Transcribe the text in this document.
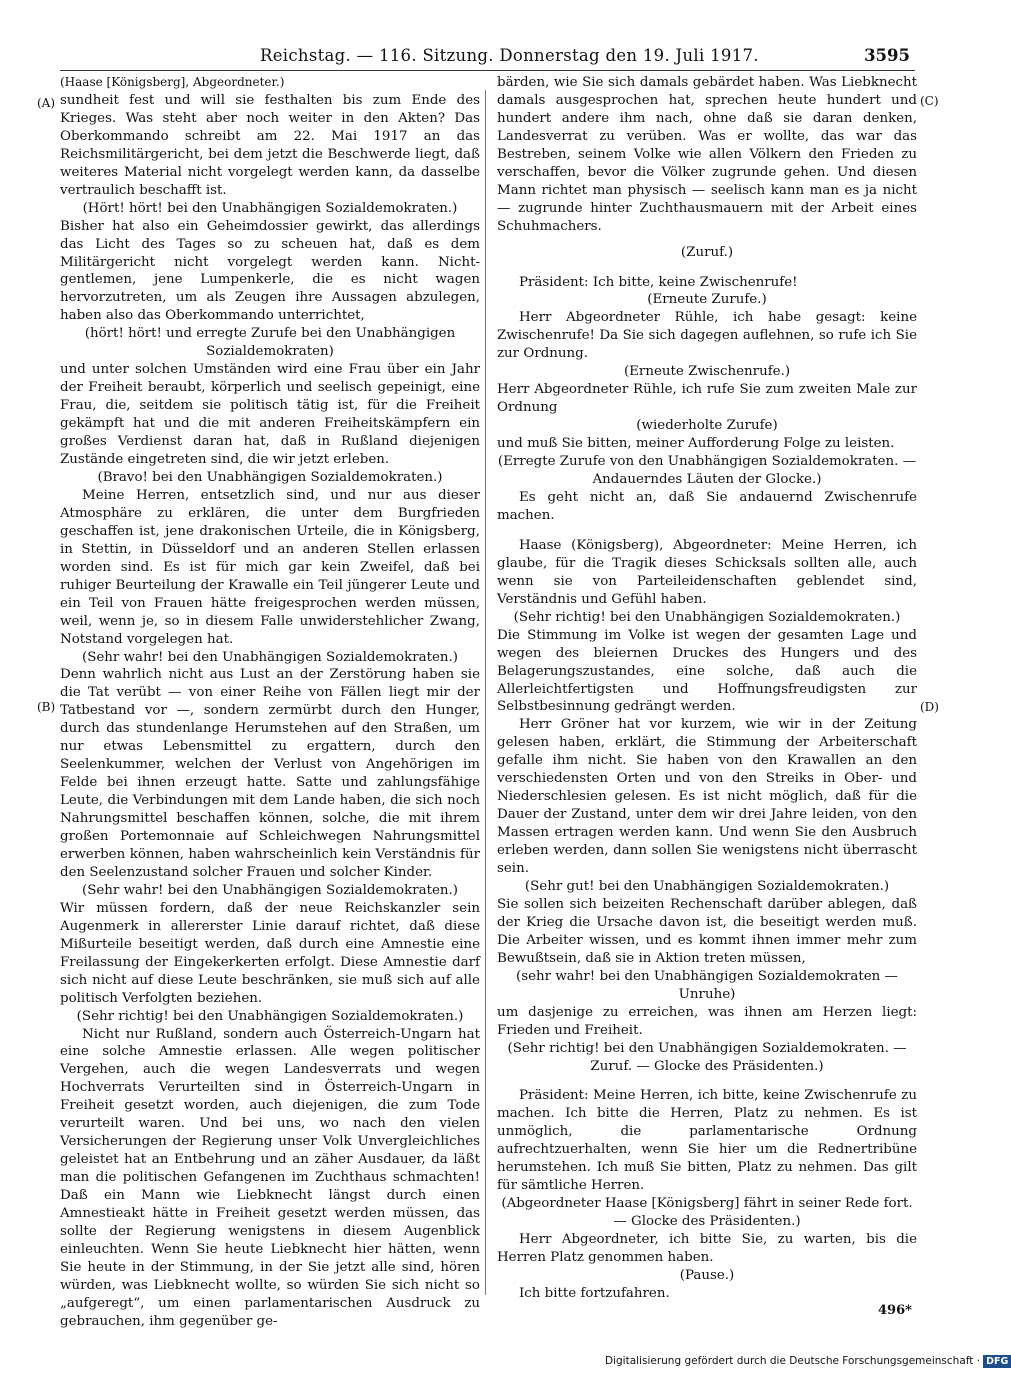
Reichstag. — 116. Sitzung. Donnerstag den 19. Juli 1917.	3595
(A)	(C)
(B)	(D)

(Haase [Königsberg], Abgeordneter.)

sundheit fest und will sie festhalten bis zum Ende des Krieges. Was steht aber noch weiter in den Akten? Das Oberkommando schreibt am 22. Mai 1917 an das Reichsmilitärgericht, bei dem jetzt die Beschwerde liegt, daß weiteres Material nicht vorgelegt werden kann, da dasselbe vertraulich beschafft ist.

(Hört! hört! bei den Unabhängigen Sozialdemokraten.)

Bisher hat also ein Geheimdossier gewirkt, das allerdings das Licht des Tages so zu scheuen hat, daß es dem Militärgericht nicht vorgelegt werden kann. Nicht-gentlemen, jene Lumpenkerle, die es nicht wagen hervorzutreten, um als Zeugen ihre Aussagen abzulegen, haben also das Oberkommando unterrichtet,

(hört! hört! und erregte Zurufe bei den Unabhängigen Sozialdemokraten)

und unter solchen Umständen wird eine Frau über ein Jahr der Freiheit beraubt, körperlich und seelisch gepeinigt, eine Frau, die, seitdem sie politisch tätig ist, für die Freiheit gekämpft hat und die mit anderen Freiheitskämpfern ein großes Verdienst daran hat, daß in Rußland diejenigen Zustände eingetreten sind, die wir jetzt erleben.

(Bravo! bei den Unabhängigen Sozialdemokraten.)

Meine Herren, entsetzlich sind, und nur aus dieser Atmosphäre zu erklären, die unter dem Burgfrieden geschaffen ist, jene drakonischen Urteile, die in Königsberg, in Stettin, in Düsseldorf und an anderen Stellen erlassen worden sind. Es ist für mich gar kein Zweifel, daß bei ruhiger Beurteilung der Krawalle ein Teil jüngerer Leute und ein Teil von Frauen hätte freigesprochen werden müssen, weil, wenn je, so in diesem Falle unwiderstehlicher Zwang, Notstand vorgelegen hat.

(Sehr wahr! bei den Unabhängigen Sozialdemokraten.)

Denn wahrlich nicht aus Lust an der Zerstörung haben sie die Tat verübt — von einer Reihe von Fällen liegt mir der Tatbestand vor —, sondern zermürbt durch den Hunger, durch das stundenlange Herumstehen auf den Straßen, um nur etwas Lebensmittel zu ergattern, durch den Seelenkummer, welchen der Verlust von Angehörigen im Felde bei ihnen erzeugt hatte. Satte und zahlungsfähige Leute, die Verbindungen mit dem Lande haben, die sich noch Nahrungsmittel beschaffen können, solche, die mit ihrem großen Portemonnaie auf Schleichwegen Nahrungsmittel erwerben können, haben wahrscheinlich kein Verständnis für den Seelenzustand solcher Frauen und solcher Kinder.

(Sehr wahr! bei den Unabhängigen Sozialdemokraten.)

Wir müssen fordern, daß der neue Reichskanzler sein Augenmerk in allererster Linie darauf richtet, daß diese Mißurteile beseitigt werden, daß durch eine Amnestie eine Freilassung der Eingekerkerten erfolgt. Diese Amnestie darf sich nicht auf diese Leute beschränken, sie muß sich auf alle politisch Verfolgten beziehen.

(Sehr richtig! bei den Unabhängigen Sozialdemokraten.)

Nicht nur Rußland, sondern auch Österreich-Ungarn hat eine solche Amnestie erlassen. Alle wegen politischer Vergehen, auch die wegen Landesverrats und wegen Hochverrats Verurteilten sind in Österreich-Ungarn in Freiheit gesetzt worden, auch diejenigen, die zum Tode verurteilt waren. Und bei uns, wo nach den vielen Versicherungen der Regierung unser Volk Unvergleichliches geleistet hat an Entbehrung und an zäher Ausdauer, da läßt man die politischen Gefangenen im Zuchthaus schmachten! Daß ein Mann wie Liebknecht längst durch einen Amnestieakt hätte in Freiheit gesetzt werden müssen, das sollte der Regierung wenigstens in diesem Augenblick einleuchten. Wenn Sie heute Liebknecht hier hätten, wenn Sie heute in der Stimmung, in der Sie jetzt alle sind, hören würden, was Liebknecht wollte, so würden Sie sich nicht so „aufgeregt“, um einen parlamentarischen Ausdruck zu gebrauchen, ihm gegenüber ge-

bärden, wie Sie sich damals gebärdet haben. Was Liebknecht damals ausgesprochen hat, sprechen heute hundert und hundert andere ihm nach, ohne daß sie daran denken, Landesverrat zu verüben. Was er wollte, das war das Bestreben, seinem Volke wie allen Völkern den Frieden zu verschaffen, bevor die Völker zugrunde gehen. Und diesen Mann richtet man physisch — seelisch kann man es ja nicht — zugrunde hinter Zuchthausmauern mit der Arbeit eines Schuhmachers.

(Zuruf.)

Präsident: Ich bitte, keine Zwischenrufe!

(Erneute Zurufe.)

Herr Abgeordneter Rühle, ich habe gesagt: keine Zwischenrufe! Da Sie sich dagegen auflehnen, so rufe ich Sie zur Ordnung.

(Erneute Zwischenrufe.)

Herr Abgeordneter Rühle, ich rufe Sie zum zweiten Male zur Ordnung

(wiederholte Zurufe)

und muß Sie bitten, meiner Aufforderung Folge zu leisten.

(Erregte Zurufe von den Unabhängigen Sozialdemokraten. — Andauerndes Läuten der Glocke.)

Es geht nicht an, daß Sie andauernd Zwischenrufe machen.

Haase (Königsberg), Abgeordneter: Meine Herren, ich glaube, für die Tragik dieses Schicksals sollten alle, auch wenn sie von Parteileidenschaften geblendet sind, Verständnis und Gefühl haben.

(Sehr richtig! bei den Unabhängigen Sozialdemokraten.)

Die Stimmung im Volke ist wegen der gesamten Lage und wegen des bleiernen Druckes des Hungers und des Belagerungszustandes, eine solche, daß auch die Allerleichtfertigsten und Hoffnungsfreudigsten zur Selbstbesinnung gedrängt werden.

Herr Gröner hat vor kurzem, wie wir in der Zeitung gelesen haben, erklärt, die Stimmung der Arbeiterschaft gefalle ihm nicht. Sie haben von den Krawallen an den verschiedensten Orten und von den Streiks in Ober- und Niederschlesien gelesen. Es ist nicht möglich, daß für die Dauer der Zustand, unter dem wir drei Jahre leiden, von den Massen ertragen werden kann. Und wenn Sie den Ausbruch erleben werden, dann sollen Sie wenigstens nicht überrascht sein.

(Sehr gut! bei den Unabhängigen Sozialdemokraten.)

Sie sollen sich beizeiten Rechenschaft darüber ablegen, daß der Krieg die Ursache davon ist, die beseitigt werden muß. Die Arbeiter wissen, und es kommt ihnen immer mehr zum Bewußtsein, daß sie in Aktion treten müssen,

(sehr wahr! bei den Unabhängigen Sozialdemokraten — Unruhe)

um dasjenige zu erreichen, was ihnen am Herzen liegt: Frieden und Freiheit.

(Sehr richtig! bei den Unabhängigen Sozialdemokraten. — Zuruf. — Glocke des Präsidenten.)

Präsident: Meine Herren, ich bitte, keine Zwischenrufe zu machen. Ich bitte die Herren, Platz zu nehmen. Es ist unmöglich, die parlamentarische Ordnung aufrechtzuerhalten, wenn Sie hier um die Rednertribüne herumstehen. Ich muß Sie bitten, Platz zu nehmen. Das gilt für sämtliche Herren.

(Abgeordneter Haase [Königsberg] fährt in seiner Rede fort. — Glocke des Präsidenten.)

Herr Abgeordneter, ich bitte Sie, zu warten, bis die Herren Platz genommen haben.

(Pause.)

Ich bitte fortzufahren.

496*
Digitalisierung gefördert durch die Deutsche Forschungsgemeinschaft · DFG
